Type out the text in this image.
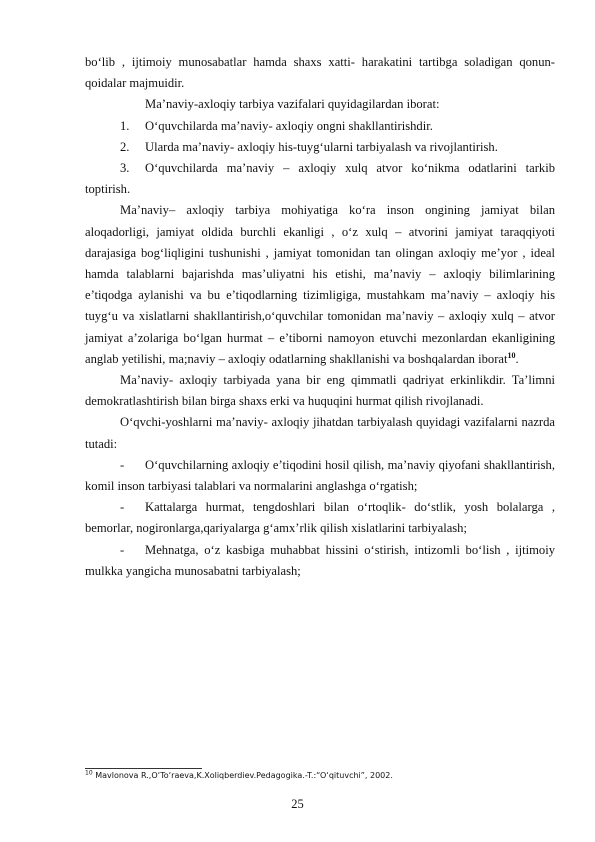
bo‘lib , ijtimoiy munosabatlar hamda shaxs xatti- harakatini tartibga soladigan qonun- qoidalar majmuidir.

Ma’naviy-axloqiy tarbiya vazifalari quyidagilardan iborat:

1.	O‘quvchilarda ma’naviy- axloqiy ongni shakllantirishdir.

2.	Ularda ma’naviy- axloqiy his-tuyg‘ularni tarbiyalash va rivojlantirish.

3. O‘quvchilarda ma’naviy – axloqiy xulq atvor ko‘nikma odatlarini tarkib toptirish.

Ma’naviy– axloqiy tarbiya mohiyatiga ko‘ra inson ongining jamiyat bilan aloqadorligi, jamiyat oldida burchli ekanligi , o‘z xulq – atvorini jamiyat taraqqiyoti darajasiga bog‘liqligini tushunishi , jamiyat tomonidan tan olingan axloqiy me’yor , ideal hamda talablarni bajarishda mas’uliyatni his etishi, ma’naviy – axloqiy bilimlarining e’tiqodga aylanishi va bu e’tiqodlarning tizimligiga, mustahkam ma’naviy – axloqiy his tuyg‘u va xislatlarni shakllantirish,o‘quvchilar tomonidan ma’naviy – axloqiy xulq – atvor jamiyat a’zolariga bo‘lgan hurmat – e’tiborni namoyon etuvchi mezonlardan ekanligining anglab yetilishi, ma;naviy – axloqiy odatlarning shakllanishi va boshqalardan iborat$^{10}$.

Ma’naviy- axloqiy tarbiyada yana bir eng qimmatli qadriyat erkinlikdir. Ta’limni demokratlashtirish bilan birga shaxs erki va huquqini hurmat qilish rivojlanadi.

O‘qvchi-yoshlarni ma’naviy- axloqiy jihatdan tarbiyalash quyidagi vazifalarni nazrda tutadi:

- O‘quvchilarning axloqiy e’tiqodini hosil qilish, ma’naviy qiyofani shakllantirish, komil inson tarbiyasi talablari va normalarini anglashga o‘rgatish;

- Kattalarga hurmat, tengdoshlari bilan o‘rtoqlik- do‘stlik, yosh bolalarga , bemorlar, nogironlarga,qariyalarga g‘amxʼrlik qilish xislatlarini tarbiyalash;

- Mehnatga, o‘z kasbiga muhabbat hissini o‘stirish, intizomli bo‘lish , ijtimoiy mulkka yangicha munosabatni tarbiyalash;

$^{10}$ Mavlonova R.,O‘To‘raeva,K.Xoliqberdiev.Pedagogika.-T.:“O‘qituvchi”, 2002.
25
